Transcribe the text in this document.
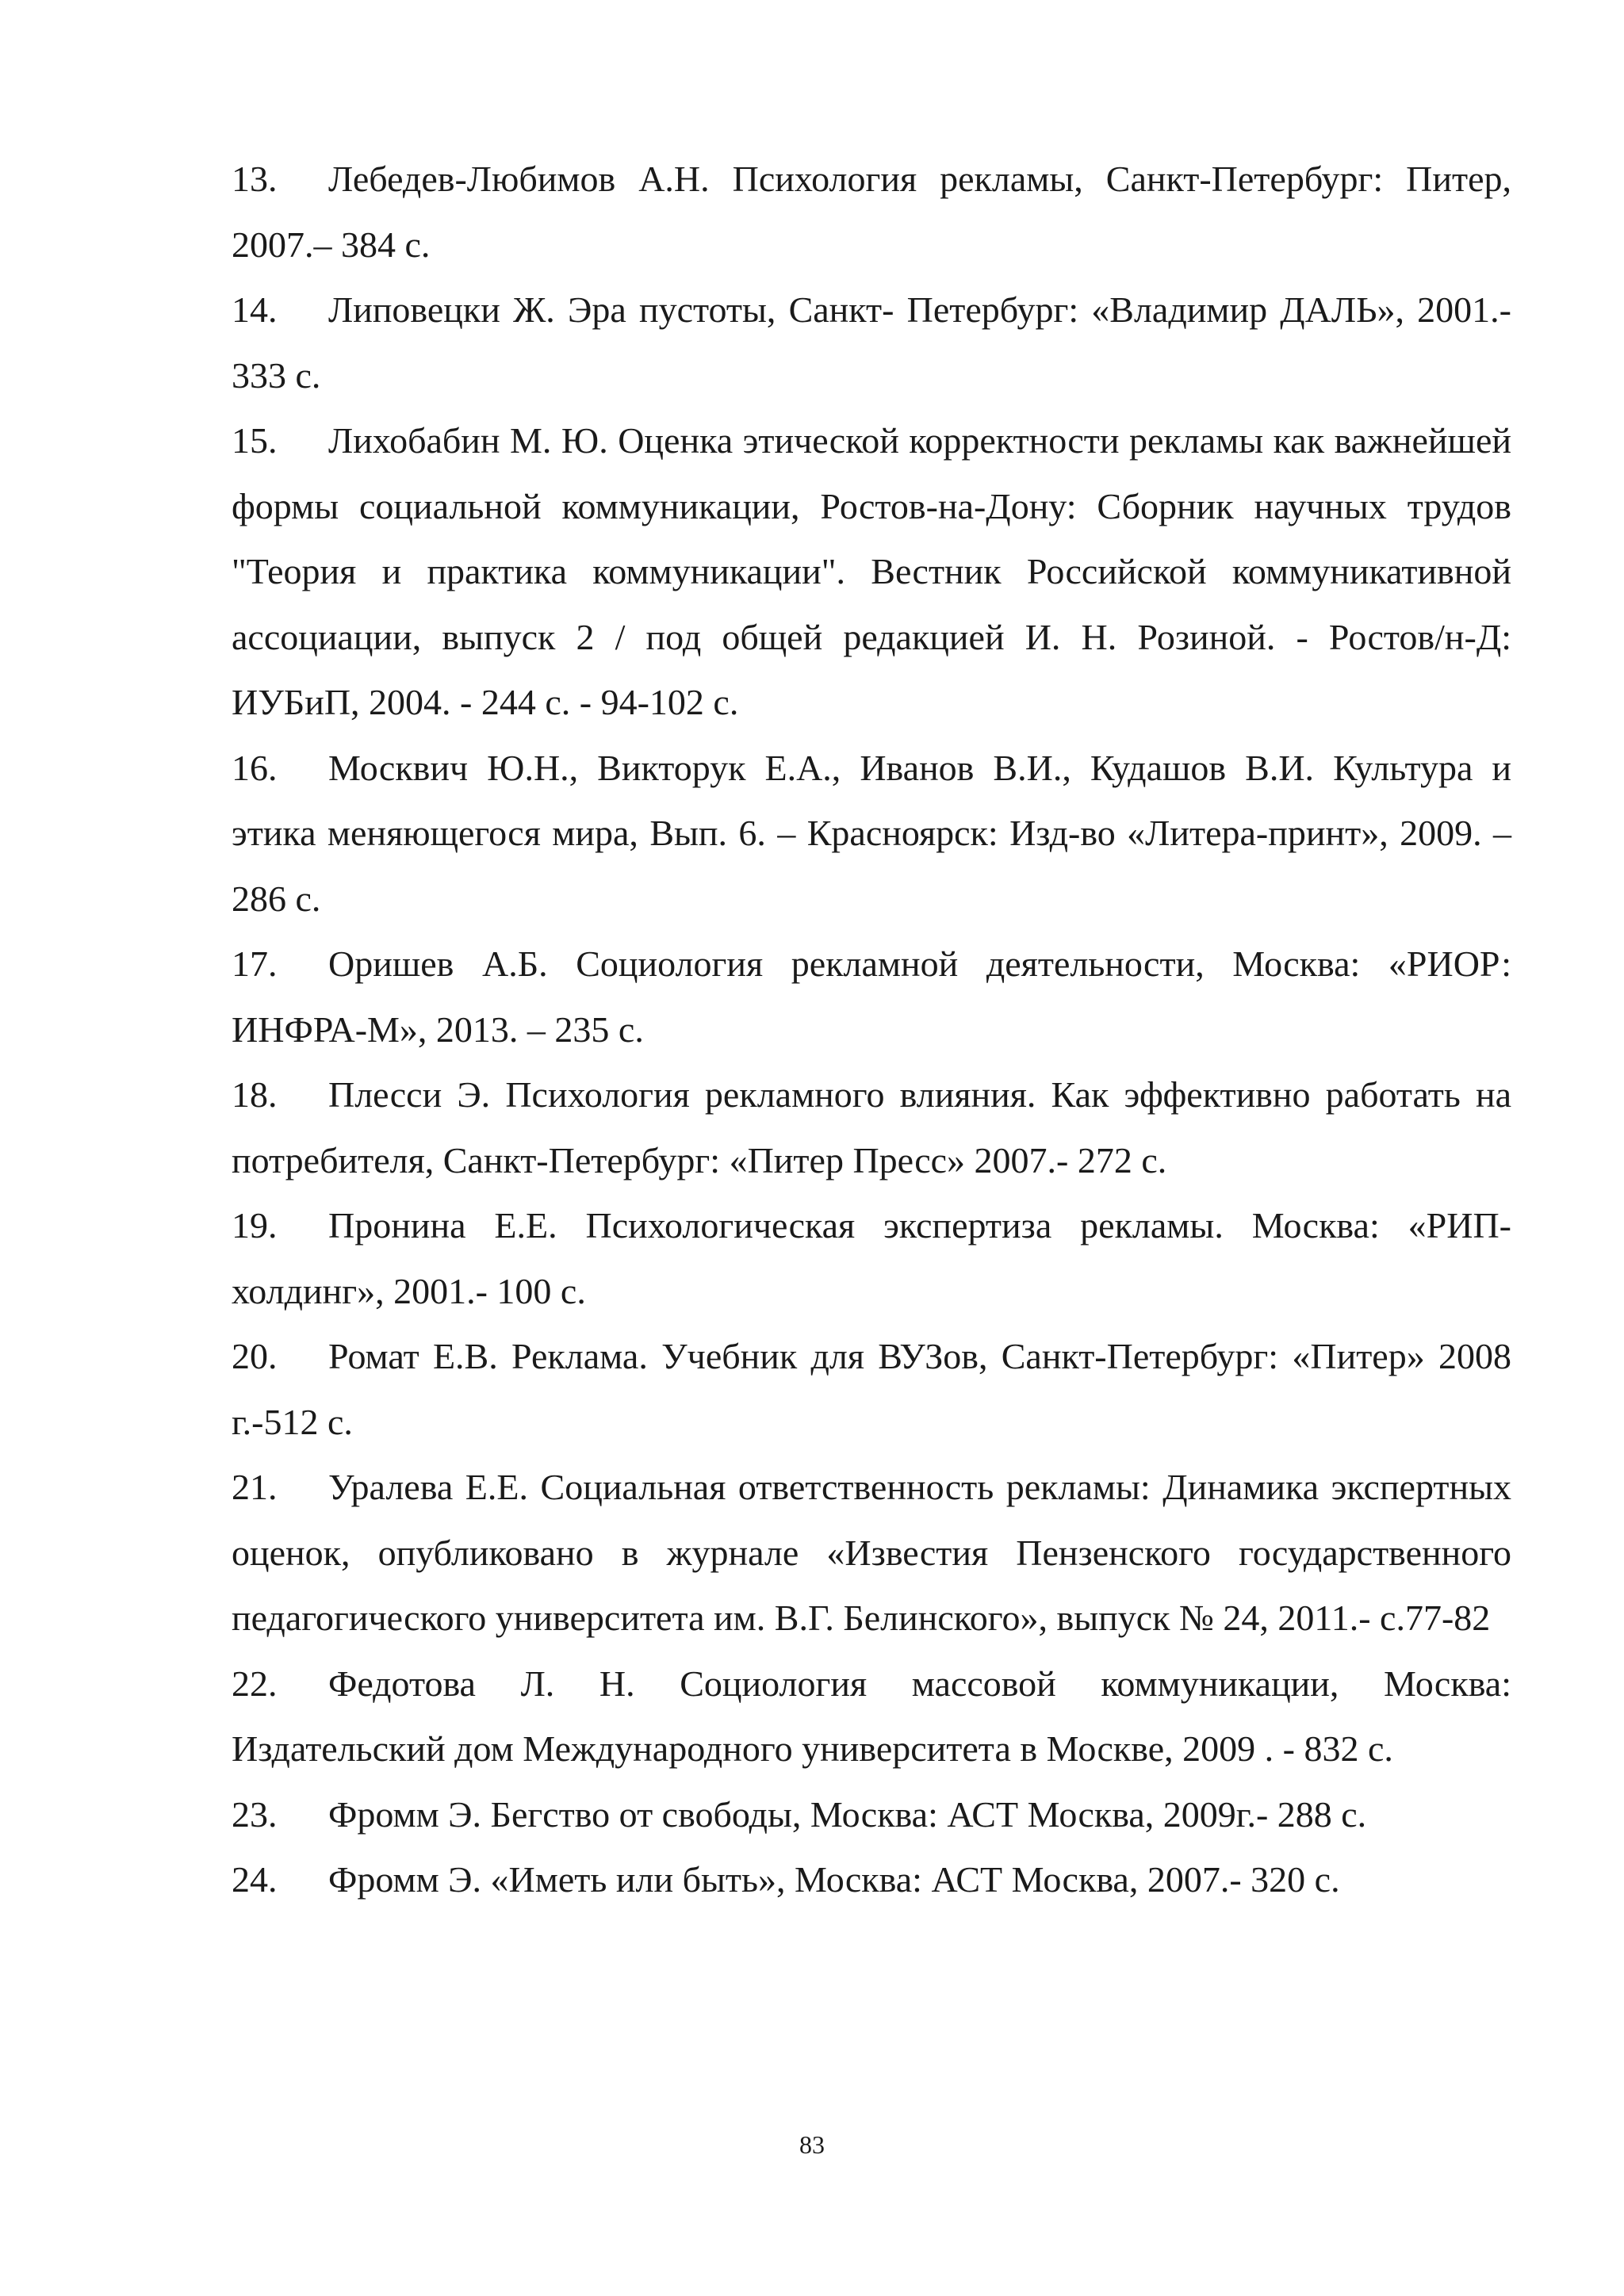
13. Лебедев-Любимов А.Н. Психология рекламы, Санкт-Петербург: Питер, 2007.– 384 с.

14. Липовецки Ж. Эра пустоты, Санкт- Петербург: «Владимир ДАЛЬ», 2001.- 333 с.

15. Лихобабин М. Ю. Оценка этической корректности рекламы как важнейшей формы социальной коммуникации, Ростов-на-Дону: Сборник научных трудов "Теория и практика коммуникации". Вестник Российской коммуникативной ассоциации, выпуск 2 / под общей редакцией И. Н. Розиной. - Ростов/н-Д: ИУБиП, 2004. - 244 с. - 94-102 с.

16. Москвич Ю.Н., Викторук Е.А., Иванов В.И., Кудашов В.И. Культура и этика меняющегося мира, Вып. 6. – Красноярск: Изд-во «Литера-принт», 2009. – 286 с.

17. Оришев А.Б. Социология рекламной деятельности, Москва: «РИОР: ИНФРА-М», 2013. – 235 с.

18. Плесси Э. Психология рекламного влияния. Как эффективно работать на потребителя, Санкт-Петербург: «Питер Пресс» 2007.- 272 с.

19. Пронина Е.Е. Психологическая экспертиза рекламы. Москва: «РИП-холдинг», 2001.- 100 с.

20. Ромат Е.В. Реклама. Учебник для ВУЗов, Санкт-Петербург: «Питер» 2008 г.-512 с.

21. Уралева Е.Е. Социальная ответственность рекламы: Динамика экспертных оценок, опубликовано в журнале «Известия Пензенского государственного педагогического университета им. В.Г. Белинского», выпуск № 24, 2011.- с.77-82

22. Федотова Л. Н. Социология массовой коммуникации, Москва: Издательский дом Международного университета в Москве, 2009 . - 832 с.

23. Фромм Э. Бегство от свободы, Москва: АСТ Москва, 2009г.- 288 с.

24. Фромм Э. «Иметь или быть», Москва: АСТ Москва, 2007.- 320 с.

83
